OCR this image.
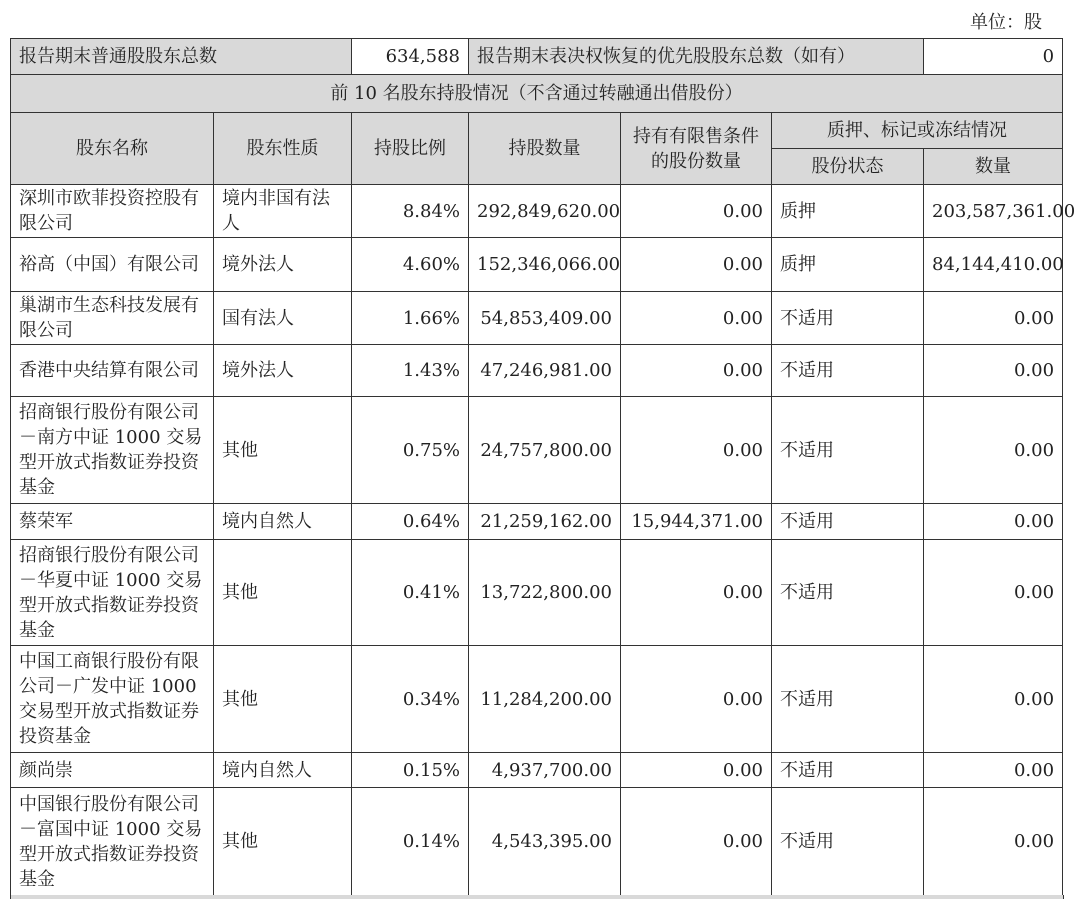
单位：股
报告期末普通股股东总数		634,588	报告期末表决权恢复的优先股股东总数（如有）			0
前 10 名股东持股情况（不含通过转融通出借股份）						
股东名称	股东性质	持股比例	持股数量	持有有限售条件的股份数量	质押、标记或冻结情况	
					股份状态	数量
深圳市欧菲投资控股有限公司	境内非国有法人	8.84%	292,849,620.00	0.00	质押	203,587,361.00
裕高（中国）有限公司	境外法人	4.60%	152,346,066.00	0.00	质押	84,144,410.00
巢湖市生态科技发展有限公司	国有法人	1.66%	54,853,409.00	0.00	不适用	0.00
香港中央结算有限公司	境外法人	1.43%	47,246,981.00	0.00	不适用	0.00
招商银行股份有限公司－南方中证 1000 交易型开放式指数证券投资基金	其他	0.75%	24,757,800.00	0.00	不适用	0.00
蔡荣军	境内自然人	0.64%	21,259,162.00	15,944,371.00	不适用	0.00
招商银行股份有限公司－华夏中证 1000 交易型开放式指数证券投资基金	其他	0.41%	13,722,800.00	0.00	不适用	0.00
中国工商银行股份有限公司－广发中证 1000 交易型开放式指数证券投资基金	其他	0.34%	11,284,200.00	0.00	不适用	0.00
颜尚崇	境内自然人	0.15%	4,937,700.00	0.00	不适用	0.00
中国银行股份有限公司－富国中证 1000 交易型开放式指数证券投资基金	其他	0.14%	4,543,395.00	0.00	不适用	0.00
